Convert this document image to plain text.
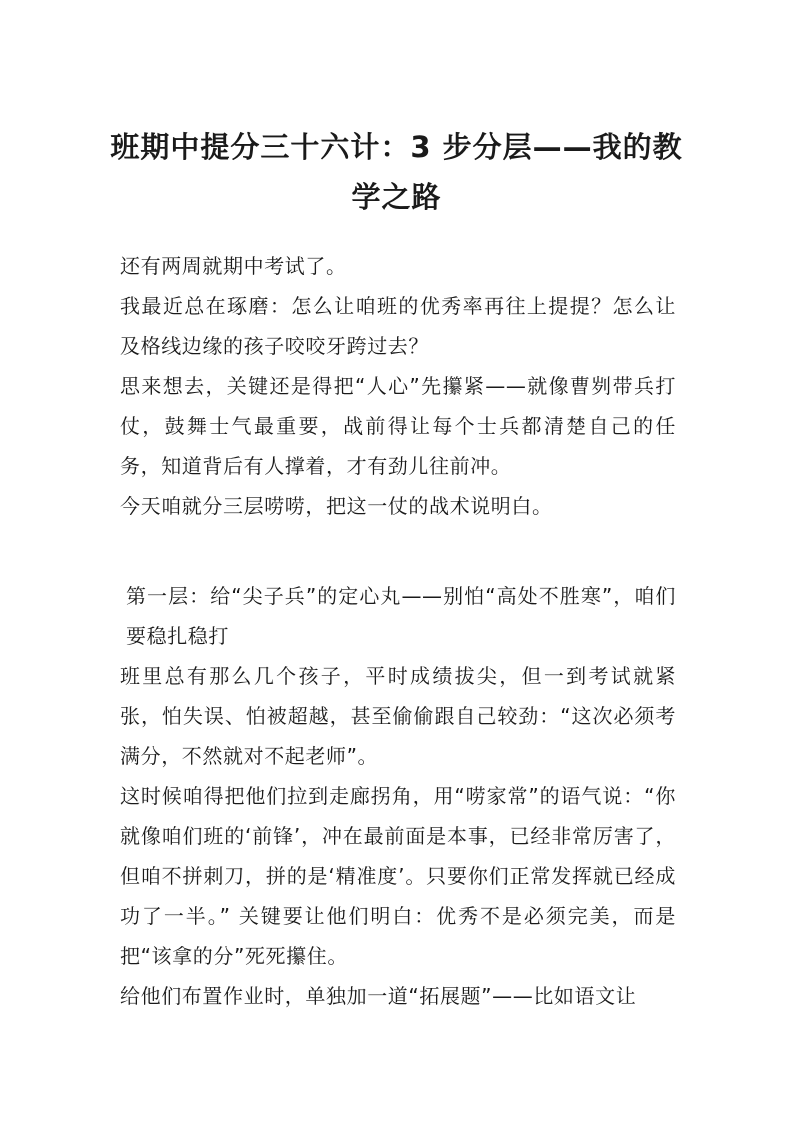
班期中提分三十六计：3 步分层——我的教学之路

还有两周就期中考试了。

我最近总在琢磨：怎么让咱班的优秀率再往上提提？怎么让及格线边缘的孩子咬咬牙跨过去？

思来想去，关键还是得把“人心”先攥紧——就像曹刿带兵打仗，鼓舞士气最重要，战前得让每个士兵都清楚自己的任务，知道背后有人撑着，才有劲儿往前冲。

今天咱就分三层唠唠，把这一仗的战术说明白。

第一层：给“尖子兵”的定心丸——别怕“高处不胜寒”，咱们要稳扎稳打

班里总有那么几个孩子，平时成绩拔尖，但一到考试就紧张，怕失误、怕被超越，甚至偷偷跟自己较劲：“这次必须考满分，不然就对不起老师”。

这时候咱得把他们拉到走廊拐角，用“唠家常”的语气说：“你就像咱们班的‘前锋’，冲在最前面是本事，已经非常厉害了，但咱不拼刺刀，拼的是‘精准度’。只要你们正常发挥就已经成功了一半。” 关键要让他们明白：优秀不是必须完美，而是把“该拿的分”死死攥住。

给他们布置作业时，单独加一道“拓展题”——比如语文让
